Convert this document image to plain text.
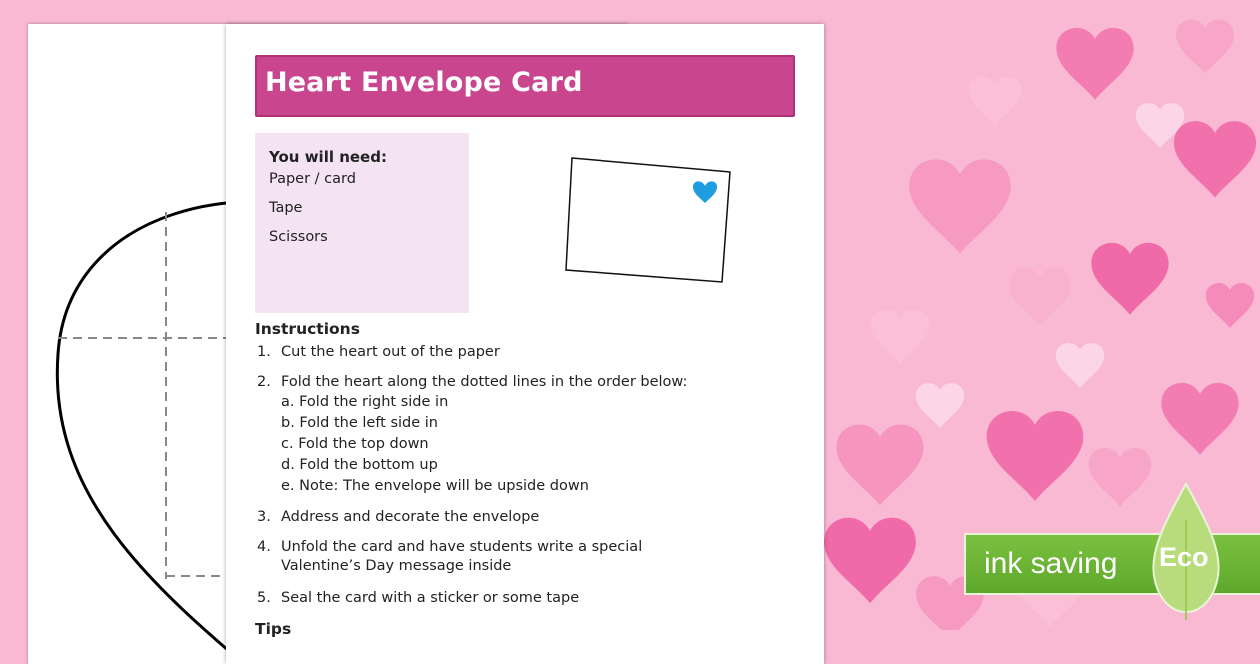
Heart Envelope Card
You will need:
Paper / card
Tape
Scissors
Instructions
1. Cut the heart out of the paper
2. Fold the heart along the dotted lines in the order below:
a. Fold the right side in
b. Fold the left side in
c. Fold the top down
d. Fold the bottom up
e. Note: The envelope will be upside down
3. Address and decorate the envelope
4. Unfold the card and have students write a special
Valentine’s Day message inside
5. Seal the card with a sticker or some tape
Tips
ink saving Eco
